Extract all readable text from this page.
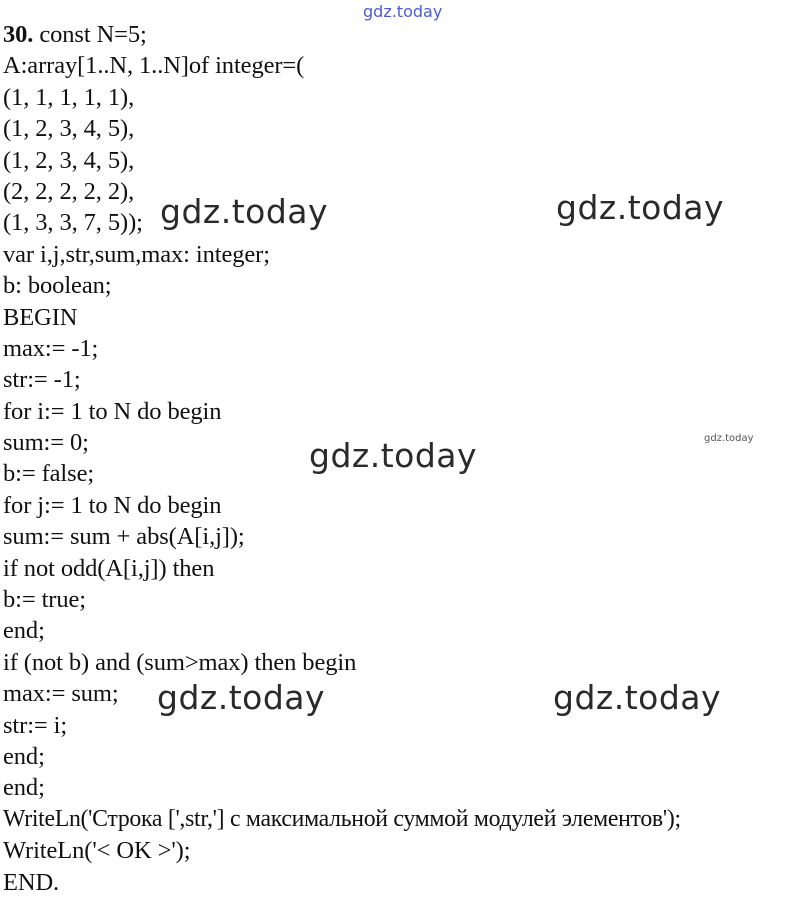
30. const N=5;
A:array[1..N, 1..N]of integer=(
(1, 1, 1, 1, 1),
(1, 2, 3, 4, 5),
(1, 2, 3, 4, 5),
(2, 2, 2, 2, 2),
(1, 3, 3, 7, 5));
var i,j,str,sum,max: integer;
b: boolean;
BEGIN
max:= -1;
str:= -1;
for i:= 1 to N do begin
sum:= 0;
b:= false;
for j:= 1 to N do begin
sum:= sum + abs(A[i,j]);
if not odd(A[i,j]) then
b:= true;
end;
if (not b) and (sum>max) then begin
max:= sum;
str:= i;
end;
end;
WriteLn('Строка [',str,'] с максимальной суммой модулей элементов');
WriteLn('< OK >');
END.
gdz.today
gdz.today	gdz.today
gdz.today	gdz.today
gdz.today	gdz.today
